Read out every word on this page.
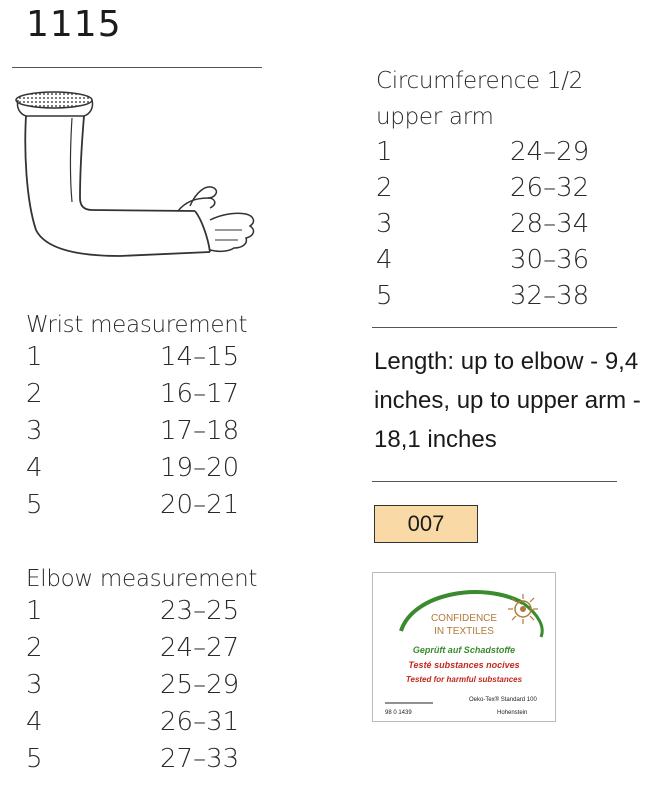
1115
Wrist measurement
1	14–15
2	16–17
3	17–18
4	19–20
5	20–21
Elbow measurement
1	23–25
2	24–27
3	25–29
4	26–31
5	27–33
Circumference 1/2
upper arm
1	24–29
2	26–32
3	28–34
4	30–36
5	32–38
Length: up to elbow - 9,4 inches, up to upper arm - 18,1 inches
007
CONFIDENCE
IN TEXTILES
Geprüft auf Schadstoffe
Testé substances nocives
Tested for harmful substances
Oeko-Tex® Standard 100
98 0 1439	Hohenstein
